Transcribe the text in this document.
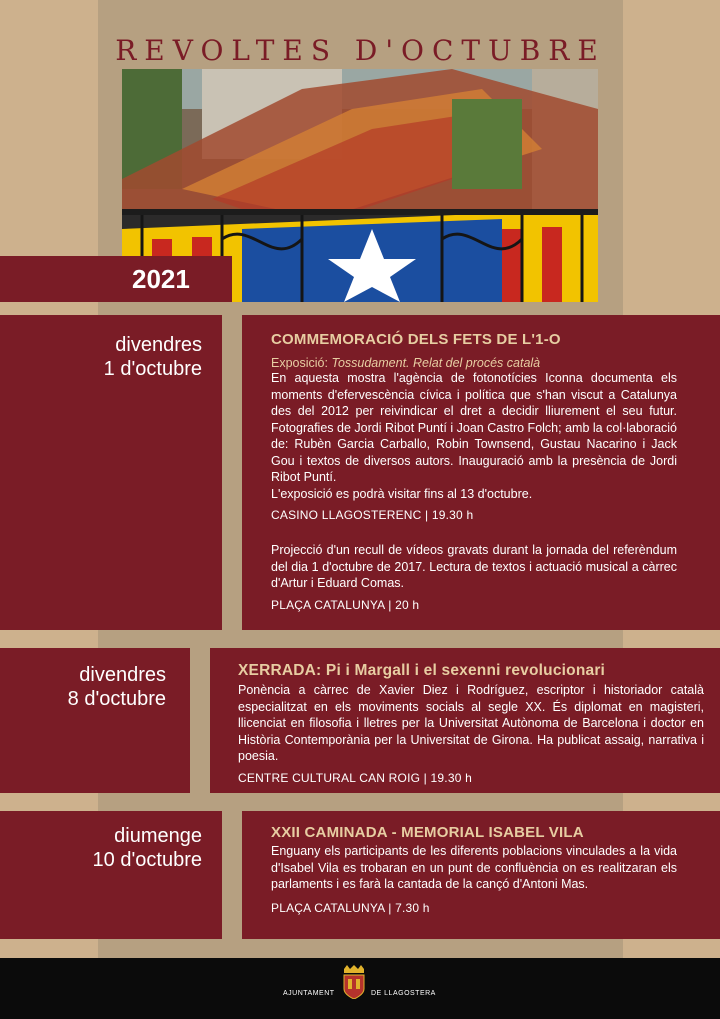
REVOLTES D'OCTUBRE
2021
divendres
1 d'octubre
COMMEMORACIÓ DELS FETS DE L'1-O
Exposició: Tossudament. Relat del procés català
En aquesta mostra l'agència de fotonotícies Iconna documenta els moments d'efervescència cívica i política que s'han viscut a Catalunya des del 2012 per reivindicar el dret a decidir lliurement el seu futur. Fotografies de Jordi Ribot Puntí i Joan Castro Folch; amb la col·laboració de: Rubèn Garcia Carballo, Robin Townsend, Gustau Nacarino i Jack Gou i textos de diversos autors. Inauguració amb la presència de Jordi Ribot Puntí.
L'exposició es podrà visitar fins al 13 d'octubre.
CASINO LLAGOSTERENC | 19.30 h
Projecció d'un recull de vídeos gravats durant la jornada del referèndum del dia 1 d'octubre de 2017. Lectura de textos i actuació musical a càrrec d'Artur i Eduard Comas.
PLAÇA CATALUNYA | 20 h
divendres
8 d'octubre
XERRADA: Pi i Margall i el sexenni revolucionari
Ponència a càrrec de Xavier Diez i Rodríguez, escriptor i historiador català especialitzat en els moviments socials al segle XX. És diplomat en magisteri, llicenciat en filosofia i lletres per la Universitat Autònoma de Barcelona i doctor en Història Contemporània per la Universitat de Girona. Ha publicat assaig, narrativa i poesia.
CENTRE CULTURAL CAN ROIG | 19.30 h
diumenge
10 d'octubre
XXII CAMINADA - MEMORIAL ISABEL VILA
Enguany els participants de les diferents poblacions vinculades a la vida d'Isabel Vila es trobaran en un punt de confluència on es realitzaran els parlaments i es farà la cantada de la cançó d'Antoni Mas.
PLAÇA CATALUNYA | 7.30 h
AJUNTAMENT	DE LLAGOSTERA
